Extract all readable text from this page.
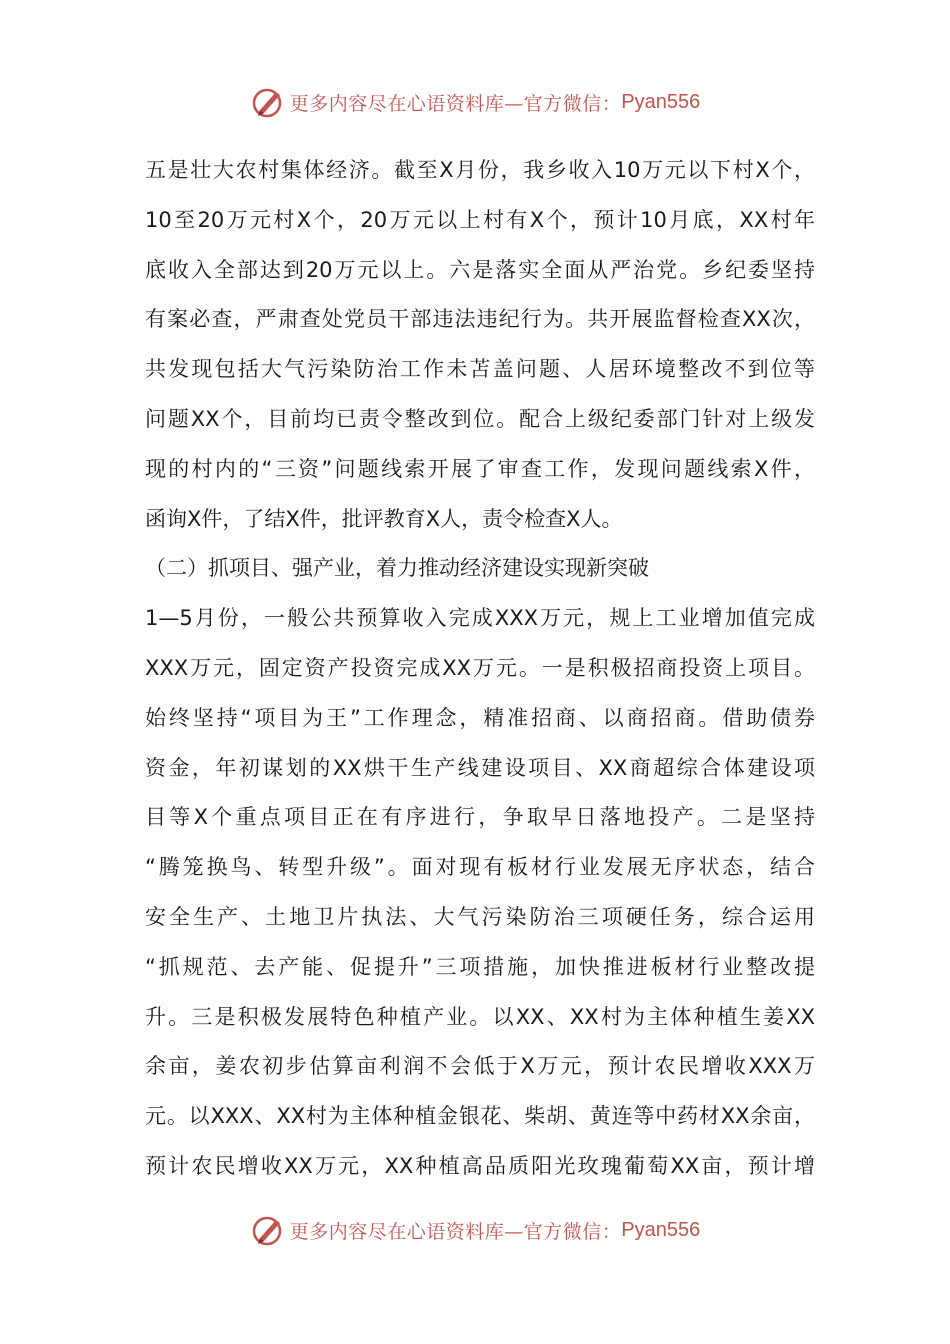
更多内容尽在心语资料库—官方微信： Pyan556
五是壮大农村集体经济。截至X月份，我乡收入10万元以下村X个，
10至20万元村X个，20万元以上村有X个，预计10月底，XX村年
底收入全部达到20万元以上。六是落实全面从严治党。乡纪委坚持
有案必查，严肃查处党员干部违法违纪行为。共开展监督检查XX次，
共发现包括大气污染防治工作未苫盖问题、人居环境整改不到位等
问题XX个，目前均已责令整改到位。配合上级纪委部门针对上级发
现的村内的“三资”问题线索开展了审查工作，发现问题线索X件，
函询X件，了结X件，批评教育X人，责令检查X人。
（二）抓项目、强产业，着力推动经济建设实现新突破
1—5月份，一般公共预算收入完成XXX万元，规上工业增加值完成
XXX万元，固定资产投资完成XX万元。一是积极招商投资上项目。
始终坚持“项目为王”工作理念，精准招商、以商招商。借助债券
资金，年初谋划的XX烘干生产线建设项目、XX商超综合体建设项
目等X个重点项目正在有序进行，争取早日落地投产。二是坚持
“腾笼换鸟、转型升级”。面对现有板材行业发展无序状态，结合
安全生产、土地卫片执法、大气污染防治三项硬任务，综合运用
“抓规范、去产能、促提升”三项措施，加快推进板材行业整改提
升。三是积极发展特色种植产业。以XX、XX村为主体种植生姜XX
余亩，姜农初步估算亩利润不会低于X万元，预计农民增收XXX万
元。以XXX、XX村为主体种植金银花、柴胡、黄连等中药材XX余亩，
预计农民增收XX万元，XX种植高品质阳光玫瑰葡萄XX亩，预计增
更多内容尽在心语资料库—官方微信： Pyan556
